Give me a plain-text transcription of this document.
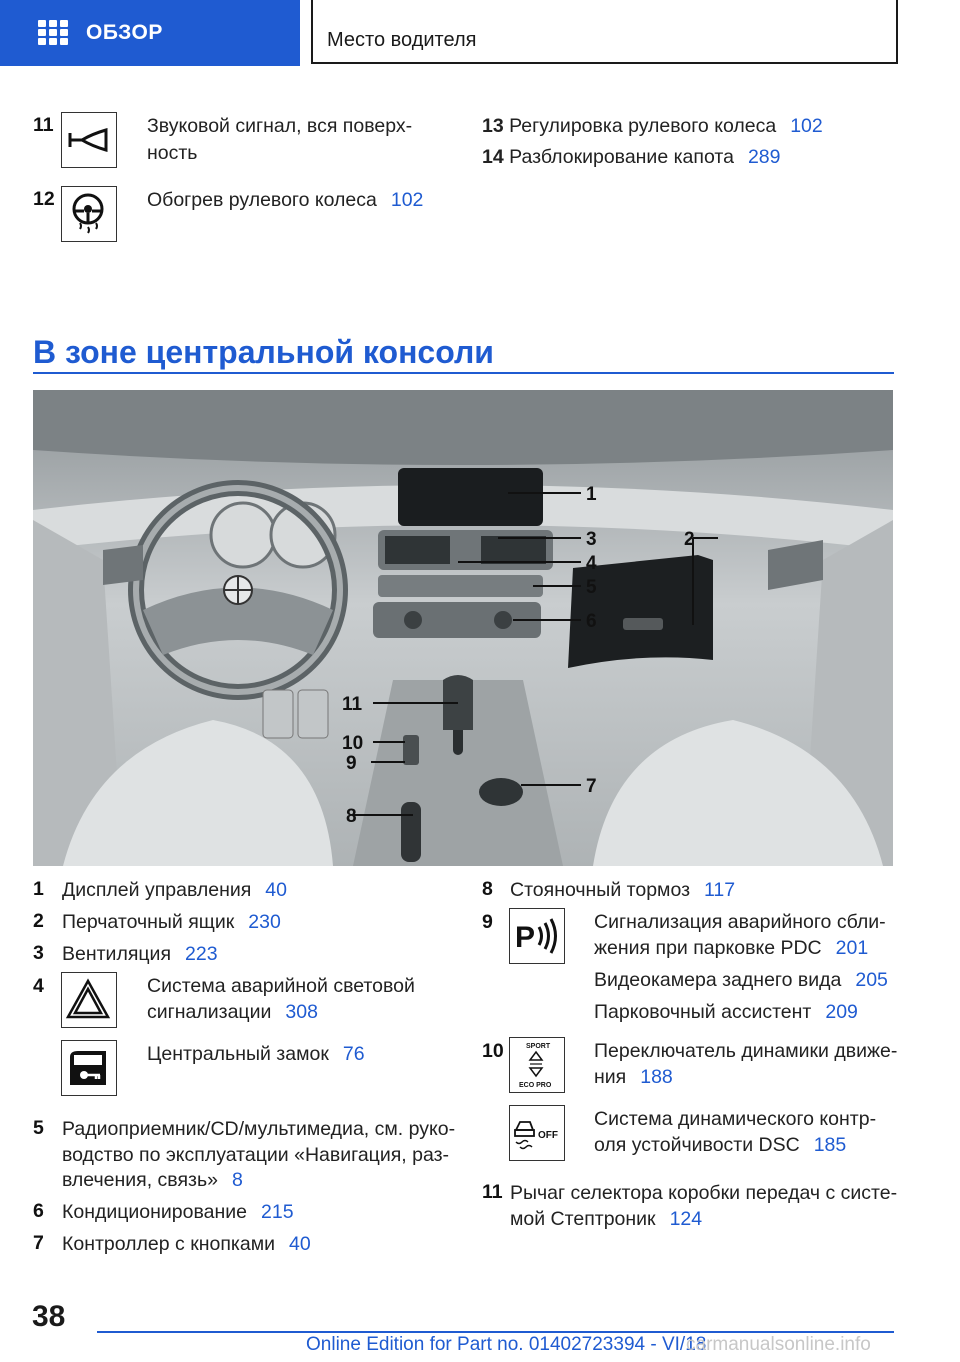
ОБЗОР	Место водителя
11	Звуковой сигнал, вся поверх-
ность
12	Обогрев рулевого колеса 102
13 Регулировка рулевого колеса 102
14 Разблокирование капота 289
В зоне центральной консоли
1
2
3
4
5
6
7
8
9
10
11
1 Дисплей управления 40
2 Перчаточный ящик 230
3 Вентиляция 223
4	Система аварийной световой
сигнализации 308
Центральный замок 76
5 Радиоприемник/CD/мультимедиа, см. руко-
водство по эксплуатации «Навигация, раз-
влечения, связь» 8
6 Кондиционирование 215
7 Контроллер с кнопками 40
8 Стояночный тормоз 117
9 P	Сигнализация аварийного сбли-
жения при парковке PDC 201
Видеокамера заднего вида 205
Парковочный ассистент 209
10	SPORT
ECO PRO
Переключатель динамики движе-
ния 188
OFF
Система динамического контр-
оля устойчивости DSC 185
11 Рычаг селектора коробки передач с систе-
мой Стептроник 124
38
Online Edition for Part no. 01402723394 - VI/18
carmanualsonline.info
